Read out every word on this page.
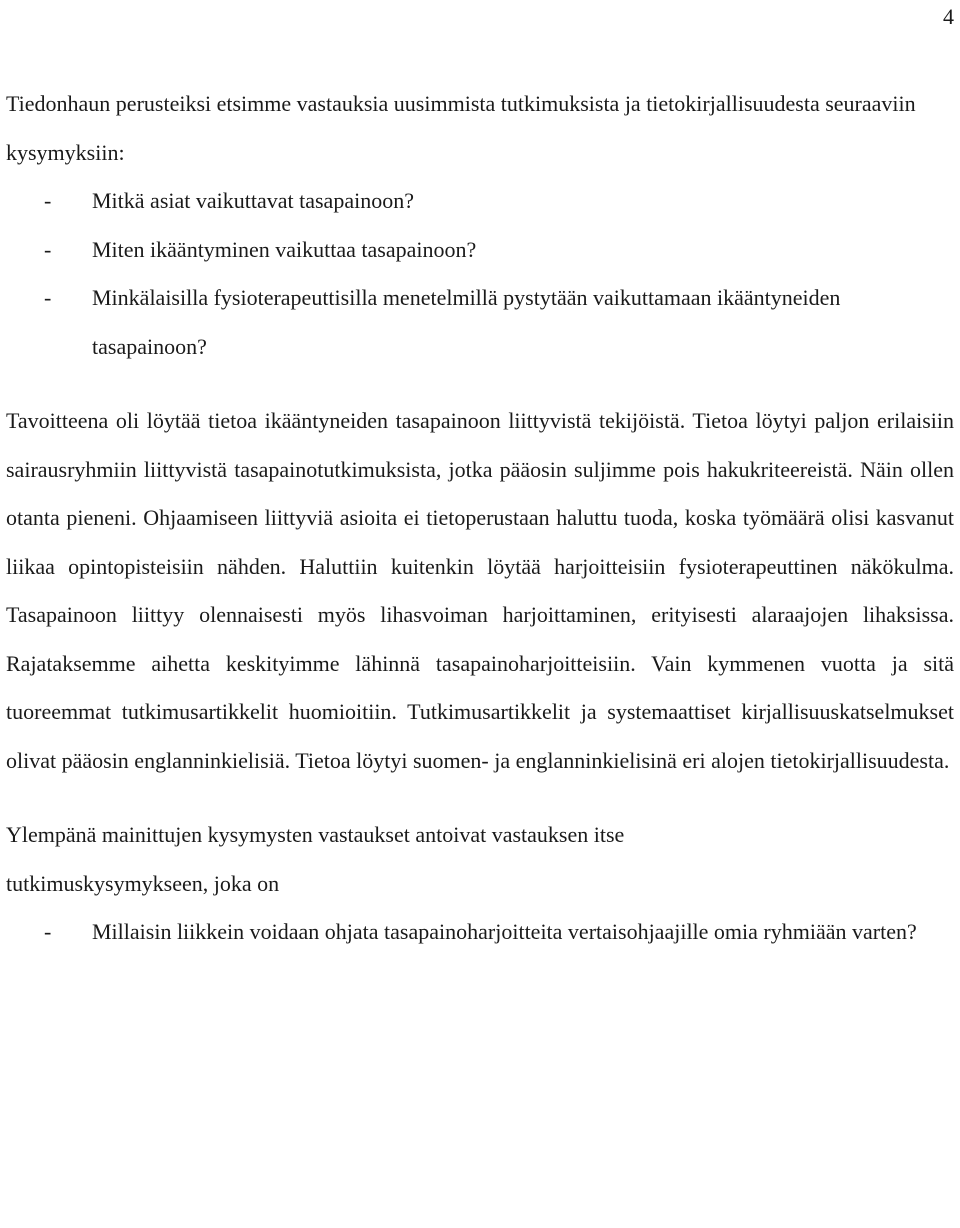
4

Tiedonhaun perusteiksi etsimme vastauksia uusimmista tutkimuksista ja tietokirjallisuudesta seuraaviin kysymyksiin:

- Mitkä asiat vaikuttavat tasapainoon?
- Miten ikääntyminen vaikuttaa tasapainoon?
- Minkälaisilla fysioterapeuttisilla menetelmillä pystytään vaikuttamaan ikääntyneiden tasapainoon?

Tavoitteena oli löytää tietoa ikääntyneiden tasapainoon liittyvistä tekijöistä. Tietoa löytyi paljon erilaisiin sairausryhmiin liittyvistä tasapainotutkimuksista, jotka pääosin suljimme pois hakukriteereistä. Näin ollen otanta pieneni. Ohjaamiseen liittyviä asioita ei tietoperustaan haluttu tuoda, koska työmäärä olisi kasvanut liikaa opintopisteisiin nähden. Haluttiin kuitenkin löytää harjoitteisiin fysioterapeuttinen näkökulma. Tasapainoon liittyy olennaisesti myös lihasvoiman harjoittaminen, erityisesti alaraajojen lihaksissa. Rajataksemme aihetta keskityimme lähinnä tasapainoharjoitteisiin. Vain kymmenen vuotta ja sitä tuoreemmat tutkimusartikkelit huomioitiin. Tutkimusartikkelit ja systemaattiset kirjallisuuskatselmukset olivat pääosin englanninkielisiä. Tietoa löytyi suomen- ja englanninkielisinä eri alojen tietokirjallisuudesta.

Ylempänä mainittujen kysymysten vastaukset antoivat vastauksen itse tutkimuskysymykseen, joka on

- Millaisin liikkein voidaan ohjata tasapainoharjoitteita vertaisohjaajille omia ryhmiään varten?
